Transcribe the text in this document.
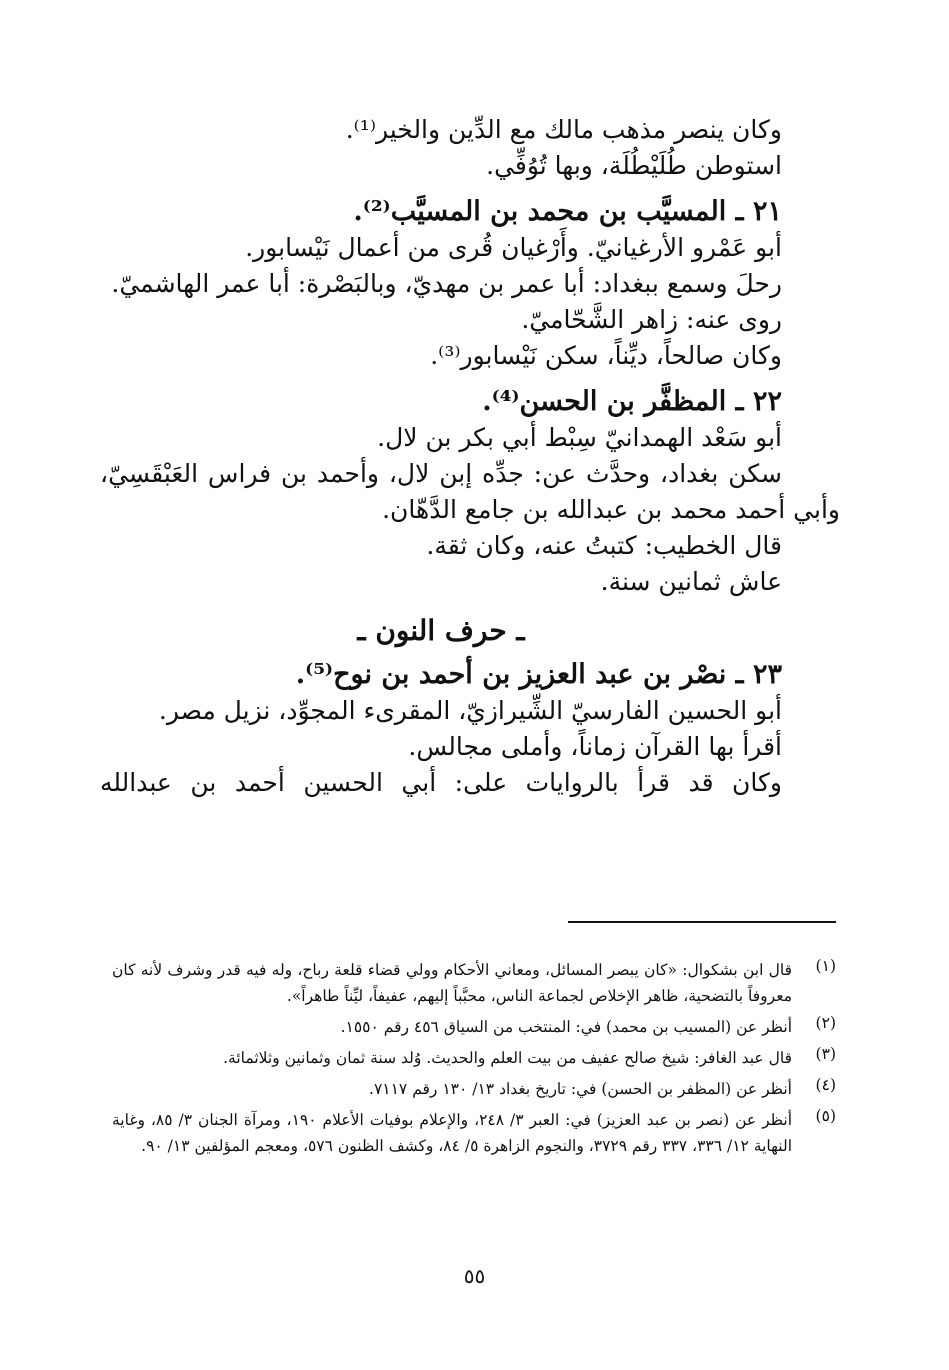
وكان ينصر مذهب مالك مع الدِّين والخير⁽¹⁾.
استوطن طُلَيْطُلَة، وبها تُوُفِّي.
٢١ ـ المسيَّب بن محمد بن المسيَّب⁽²⁾.
أبو عَمْرو الأرغيانيّ. وأَرْغيان قُرى من أعمال نَيْسابور.
رحلَ وسمع ببغداد: أبا عمر بن مهديّ، وبالبَصْرة: أبا عمر الهاشميّ.
روى عنه: زاهر الشَّحّاميّ.
وكان صالحاً، ديِّناً، سكن نَيْسابور⁽³⁾.
٢٢ ـ المظفَّر بن الحسن⁽⁴⁾.
أبو سَعْد الهمدانيّ سِبْط أبي بكر بن لال.
سكن بغداد، وحدَّث عن: جدِّه إبن لال، وأحمد بن فراس العَبْقَسِيّ،
وأبي أحمد محمد بن عبدالله بن جامع الدَّهّان.
قال الخطيب: كتبتُ عنه، وكان ثقة.
عاش ثمانين سنة.
ـ حرف النون ـ
٢٣ ـ نصْر بن عبد العزيز بن أحمد بن نوح⁽⁵⁾.
أبو الحسين الفارسيّ الشِّيرازيّ، المقرىء المجوِّد، نزيل مصر.
أقرأ بها القرآن زماناً، وأملى مجالس.
وكان قد قرأ بالروايات على: أبي الحسين أحمد بن عبدالله
(١)
قال ابن بشكوال: «كان يبصر المسائل، ومعاني الأحكام وولي قضاء قلعة رباح، وله فيه قدر وشرف لأنه كان معروفاً بالتضحية، ظاهر الإخلاص لجماعة الناس، محبَّباً إليهم، عفيفاً، ليِّناً طاهراً».
(٢)
أنظر عن (المسيب بن محمد) في: المنتخب من السياق ٤٥٦ رقم ١٥٥٠.
(٣)
قال عبد الغافر: شيخ صالح عفيف من بيت العلم والحديث. وُلد سنة ثمان وثمانين وثلاثمائة.
(٤)
أنظر عن (المظفر بن الحسن) في: تاريخ بغداد ١٣/ ١٣٠ رقم ٧١١٧.
(٥)
أنظر عن (نصر بن عبد العزيز) في: العبر ٣/ ٢٤٨، والإعلام بوفيات الأعلام ١٩٠، ومرآة الجنان ٣/ ٨٥، وغاية النهاية ١٢/ ٣٣٦، ٣٣٧ رقم ٣٧٢٩، والنجوم الزاهرة ٥/ ٨٤، وكشف الظنون ٥٧٦، ومعجم المؤلفين ١٣/ ٩٠.
٥٥
